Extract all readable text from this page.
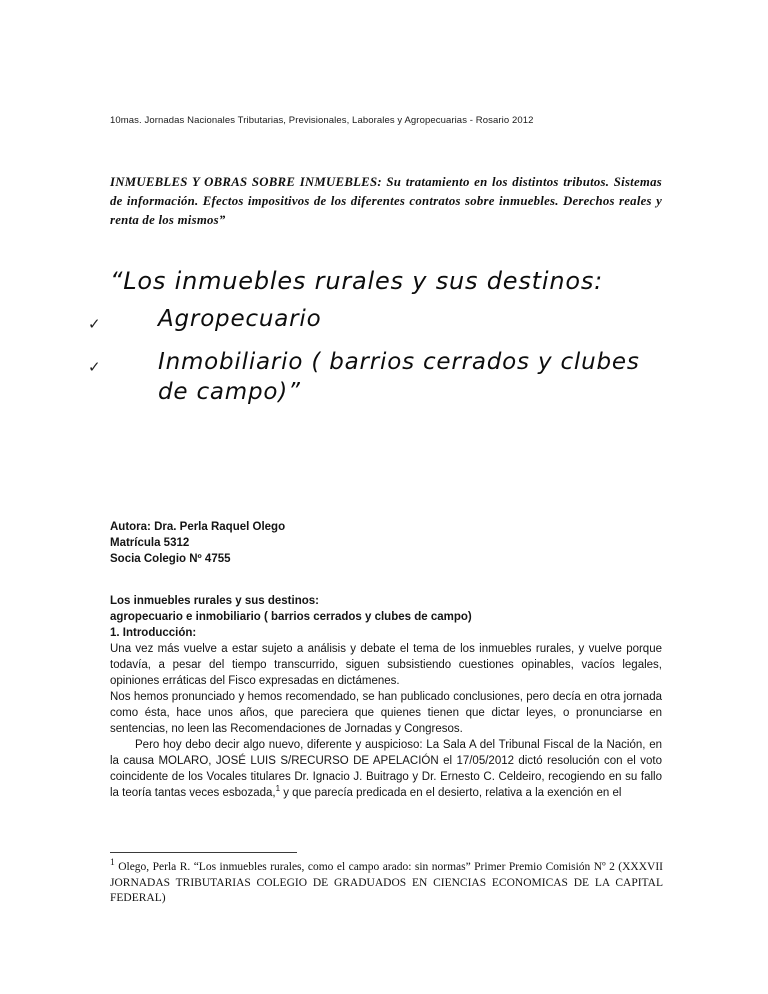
10mas. Jornadas Nacionales Tributarias, Previsionales, Laborales y Agropecuarias - Rosario 2012
INMUEBLES Y OBRAS SOBRE INMUEBLES: Su tratamiento en los distintos tributos. Sistemas de información. Efectos impositivos de los diferentes contratos sobre inmuebles. Derechos reales y renta de los mismos”
“Los inmuebles rurales y sus destinos:
✓	Agropecuario
✓	Inmobiliario ( barrios cerrados y clubes de campo)”
Autora: Dra. Perla Raquel Olego
Matrícula 5312
Socia Colegio Nº 4755
Los inmuebles rurales y sus destinos:
agropecuario e inmobiliario ( barrios cerrados y clubes de campo)
1. Introducción:
Una vez más vuelve a estar sujeto a análisis y debate el tema de los inmuebles rurales, y vuelve porque todavía, a pesar del tiempo transcurrido, siguen subsistiendo cuestiones opinables, vacíos legales, opiniones erráticas del Fisco expresadas en dictámenes.
Nos hemos pronunciado y hemos recomendado, se han publicado conclusiones, pero decía en otra jornada como ésta, hace unos años, que pareciera que quienes tienen que dictar leyes, o pronunciarse en sentencias, no leen las Recomendaciones de Jornadas y Congresos.
Pero hoy debo decir algo nuevo, diferente y auspicioso: La Sala A del Tribunal Fiscal de la Nación, en la causa MOLARO, JOSÉ LUIS S/RECURSO DE APELACIÓN el 17/05/2012 dictó resolución con el voto coincidente de los Vocales titulares Dr. Ignacio J. Buitrago y Dr. Ernesto C. Celdeiro, recogiendo en su fallo la teoría tantas veces esbozada,$^1$ y que parecía predicada en el desierto, relativa a la exención en el
$^1$ Olego, Perla R. “Los inmuebles rurales, como el campo arado: sin normas” Primer Premio Comisión Nº 2 (XXXVII JORNADAS TRIBUTARIAS COLEGIO DE GRADUADOS EN CIENCIAS ECONOMICAS DE LA CAPITAL FEDERAL)
